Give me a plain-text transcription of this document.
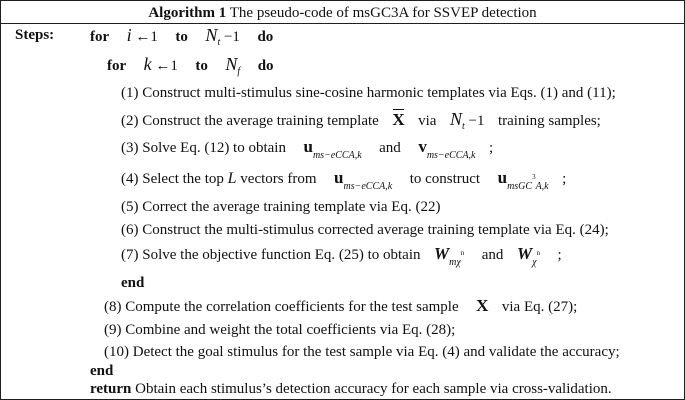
Algorithm 1 The pseudo-code of msGC3A for SSVEP detection
Steps: for i ←1 to $N_t -1$ do
for k ←1 to $N_f$ do
(1) Construct multi-stimulus sine-cosine harmonic templates via Eqs. (1) and (11);
(2) Construct the average training template X via $N_t -1$ training samples;
(3) Solve Eq. (12) to obtain $u_{ms-eCCA,k}$ and $v_{ms-eCCA,k}$ ;
(4) Select the top L vectors from $u_{ms-eCCA,k}$ to construct $u_{msGC}^3_{A,k}$ ;
(5) Correct the average training template via Eq. (22)
(6) Construct the multi-stimulus corrected average training template via Eq. (24);
(7) Solve the objective function Eq. (25) to obtain $W_{m\chi}^n$ and $W_\chi^n$ ;
end
(8) Compute the correlation coefficients for the test sample X via Eq. (27);
(9) Combine and weight the total coefficients via Eq. (28);
(10) Detect the goal stimulus for the test sample via Eq. (4) and validate the accuracy;
end
return Obtain each stimulus’s detection accuracy for each sample via cross-validation.
